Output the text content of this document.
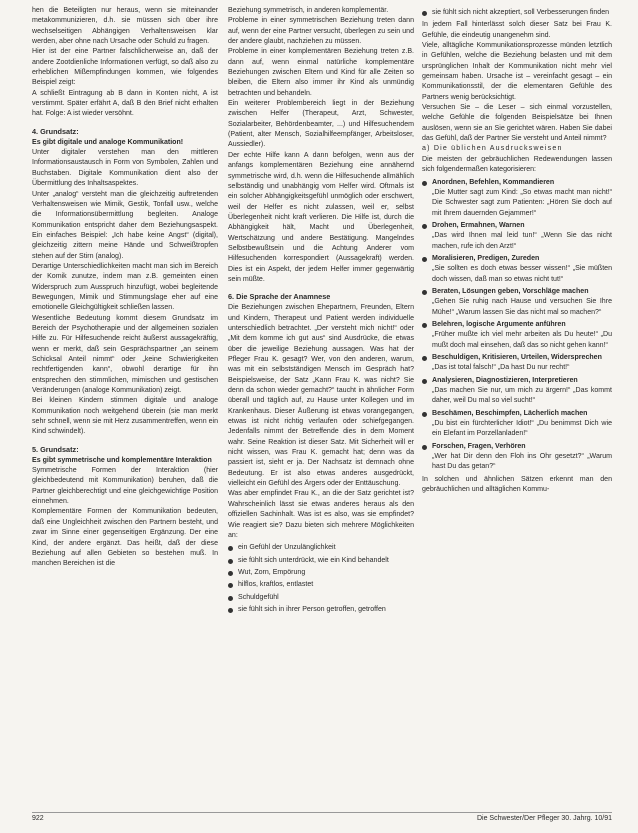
hen die Beteiligten nur heraus, wenn sie miteinander metakommunizieren, d.h. sie müssen sich über ihre wechselseitigen Abhängigen Verhaltensweisen klar werden, aber ohne nach Ursache oder Schuld zu fragen.

Hier ist der eine Partner falschlicherweise an, daß der andere Zootdienliche Informationen verfügt, so daß also zu erheblichen Mißempfindungen kommen, wie folgendes Beispiel zeigt:

A schließt Eintragung ab B dann in Konten nicht, A ist verstimmt. Später erfährt A, daß B den Brief nicht erhalten hat. Folge: A ist wieder versöhnt.

4. Grundsatz:

Es gibt digitale und analoge Kommunikation!

Unter digitaler verstehen man den mittleren Informationsaustausch in Form von Symbolen, Zahlen und Buchstaben. Digitale Kommunikation dient also der Übermittlung des Inhaltsaspektes.

Unter „analog“ versteht man die gleichzeitig auftretenden Verhaltensweisen wie Mimik, Gestik, Tonfall usw., welche die Informationsübermittlung begleiten. Analoge Kommunikation entspricht daher dem Beziehungsaspekt. Ein einfaches Beispiel: „Ich habe keine Angst“ (digital), gleichzeitig zittern meine Hände und Schweißtropfen stehen auf der Stirn (analog).

Derartige Unterschiedlichkeiten macht man sich im Bereich der Komik zunutze, indem man z.B. gemeinten einen Widerspruch zum Ausspruch hinzufügt, wobei begleitende Bewegungen, Mimik und Stimmungslage eher auf eine emotionelle Gleichgültigkeit schließen lassen.

Wesentliche Bedeutung kommt diesem Grundsatz im Bereich der Psychotherapie und der allgemeinen sozialen Hilfe zu. Für Hilfesuchende reicht äußerst aussagekräftig, wenn er merkt, daß sein Gesprächspartner „an seinem Schicksal Anteil nimmt“ oder „keine Schwierigkeiten rechtfertigenden kann“, obwohl derartige für ihn entsprechen den stimmlichen, mimischen und gestischen Veränderungen (analoge Kommunikation) zeigt.

Bei kleinen Kindern stimmen digitale und analoge Kommunikation noch weitgehend überein (sie man merkt sehr schnell, wenn sie mit Herz zusammentreffen, wenn ein Kind schwindelt).

5. Grundsatz:

Es gibt symmetrische und komplementäre Interaktion

Symmetrische Formen der Interaktion (hier gleichbedeutend mit Kommunikation) beruhen, daß die Partner gleichberechtigt und eine gleichgewichtige Position einnehmen.

Komplementäre Formen der Kommunikation bedeuten, daß eine Ungleichheit zwischen den Partnern besteht, und zwar im Sinne einer gegenseitigen Ergänzung. Der eine Kind, der andere ergänzt. Das heißt, daß der diese Beziehung auf allen Gebieten so bestehen muß. In manchen Bereichen ist die

Beziehung symmetrisch, in anderen komplementär.

Probleme in einer symmetrischen Beziehung treten dann auf, wenn der eine Partner versucht, überlegen zu sein und der andere glaubt, nachziehen zu müssen.

Probleme in einer komplementären Beziehung treten z.B. dann auf, wenn einmal natürliche komplementäre Beziehungen zwischen Eltern und Kind für alle Zeiten so bleiben, die Eltern also immer ihr Kind als unmündig betrachten und behandeln.

Ein weiterer Problembereich liegt in der Beziehung zwischen Helfer (Therapeut, Arzt, Schwester, Sozialarbeiter, Behördenbeamter, ...) und Hilfesuchendem (Patient, alter Mensch, Sozialhilfeempfänger, Arbeitsloser, Aussiedler).

Der echte Hilfe kann A dann befolgen, wenn aus der anfangs komplementären Beziehung eine annähernd symmetrische wird, d.h. wenn die Hilfesuchende allmählich selbständig und unabhängig vom Helfer wird. Oftmals ist ein solcher Abhängigkeitsgefühl unmöglich oder erschwert, weil der Helfer es nicht zulassen, weil er, selbst Überlegenheit nicht kraft verlieren. Die Hilfe ist, durch die Abhängigkeit hält, Macht und Überlegenheit, Wertschätzung und andere Bestätigung. Mangelndes Selbstbewußtsein und die Achtung Anderer vom Hilfesuchenden korrespondiert (Aussagekraft) werden. Dies ist ein Aspekt, der jedem Helfer immer gegenwärtig sein müßte.

6. Die Sprache der Anamnese

Die Beziehungen zwischen Ehepartnern, Freunden, Eltern und Kindern, Therapeut und Patient werden individuelle unterschiedlich betrachtet. „Der versteht mich nicht!“ oder „Mit dem komme ich gut aus“ sind Ausdrücke, die etwas über die jeweilige Beziehung aussagen. Was hat der Pfleger Frau K. gesagt? Wer, von den anderen, warum, was mit ein selbstständigen Mensch im Gespräch hat? Beispielsweise, der Satz „Kann Frau K. was nicht? Sie denn da schon wieder gemacht?“ taucht in ähnlicher Form überall und täglich auf, zu Hause unter Kollegen und im Krankenhaus. Dieser Äußerung ist etwas vorangegangen, etwas ist nicht richtig verlaufen oder schiefgegangen. Jedenfalls nimmt der Betreffende dies in dem Moment wahr. Seine Reaktion ist dieser Satz. Mit Sicherheit will er nicht wissen, was Frau K. gemacht hat; denn was da passiert ist, sieht er ja. Der Nachsatz ist demnach ohne Bedeutung. Er ist also etwas anderes ausgedrückt, vielleicht ein Gefühl des Ärgers oder der Enttäuschung.

Was aber empfindet Frau K., an die der Satz gerichtet ist? Wahrscheinlich lässt sie etwas anderes heraus als den offiziellen Sachinhalt. Was ist es also, was sie empfindet? Wie reagiert sie? Dazu bieten sich mehrere Möglichkeiten an:

ein Gefühl der Unzulänglichkeit
sie fühlt sich unterdrückt, wie ein Kind behandelt
Wut, Zorn, Empörung
hilflos, kraftlos, entlastet
Schuldgefühl
sie fühlt sich in ihrer Person getroffen, getroffen
sie fühlt sich nicht akzeptiert, soll Verbesserungen finden

In jedem Fall hinterlässt solch dieser Satz bei Frau K. Gefühle, die eindeutig unangenehm sind.

Viele, alltägliche Kommunikationsprozesse münden letztlich in Gefühlen, welche die Beziehung belasten und mit dem ursprünglichen Inhalt der Kommunikation nicht mehr viel gemeinsam haben. Ursache ist – vereinfacht gesagt – ein Kommunikationsstil, der die elementaren Gefühle des Partners wenig berücksichtigt.

Versuchen Sie – die Leser – sich einmal vorzustellen, welche Gefühle die folgenden Beispielsätze bei Ihnen auslösen, wenn sie an Sie gerichtet wären. Haben Sie dabei das Gefühl, daß der Partner Sie versteht und Anteil nimmt?

a) Die üblichen Ausdrucksweisen

Die meisten der gebräuchlichen Redewendungen lassen sich folgendermaßen kategorisieren:

Anordnen, Befehlen, Kommandieren
„Die Mutter sagt zum Kind: „So etwas macht man nicht!“ Die Schwester sagt zum Patienten: „Hören Sie doch auf mit Ihrem dauernden Gejammer!“
Drohen, Ermahnen, Warnen
„Das wird Ihnen mal leid tun!“ „Wenn Sie das nicht machen, rufe ich den Arzt!“
Moralisieren, Predigen, Zureden
„Sie sollten es doch etwas besser wissen!“ „Sie müßten doch wissen, daß man so etwas nicht tut!“
Beraten, Lösungen geben, Vorschläge machen
„Gehen Sie ruhig nach Hause und versuchen Sie Ihre Mühe!“ „Warum lassen Sie das nicht mal so machen?“
Belehren, logische Argumente anführen
„Früher mußte ich viel mehr arbeiten als Du heute!“ „Du mußt doch mal einsehen, daß das so nicht gehen kann!“
Beschuldigen, Kritisieren, Urteilen, Widersprechen
„Das ist total falsch!“ „Da hast Du nur recht!“
Analysieren, Diagnostizieren, Interpretieren
„Das machen Sie nur, um mich zu ärgern!“ „Das kommt daher, weil Du mal so viel sucht!“
Beschämen, Beschimpfen, Lächerlich machen
„Du bist ein fürchterlicher Idiot!“ „Du benimmst Dich wie ein Elefant im Porzellanladen!“
Forschen, Fragen, Verhören
„Wer hat Dir denn den Floh ins Ohr gesetzt?“ „Warum hast Du das getan?“

In solchen und ähnlichen Sätzen erkennt man den gebräuchlichen und alltäglichen Kommu-

922	Die Schwester/Der Pfleger 30. Jahrg. 10/91
